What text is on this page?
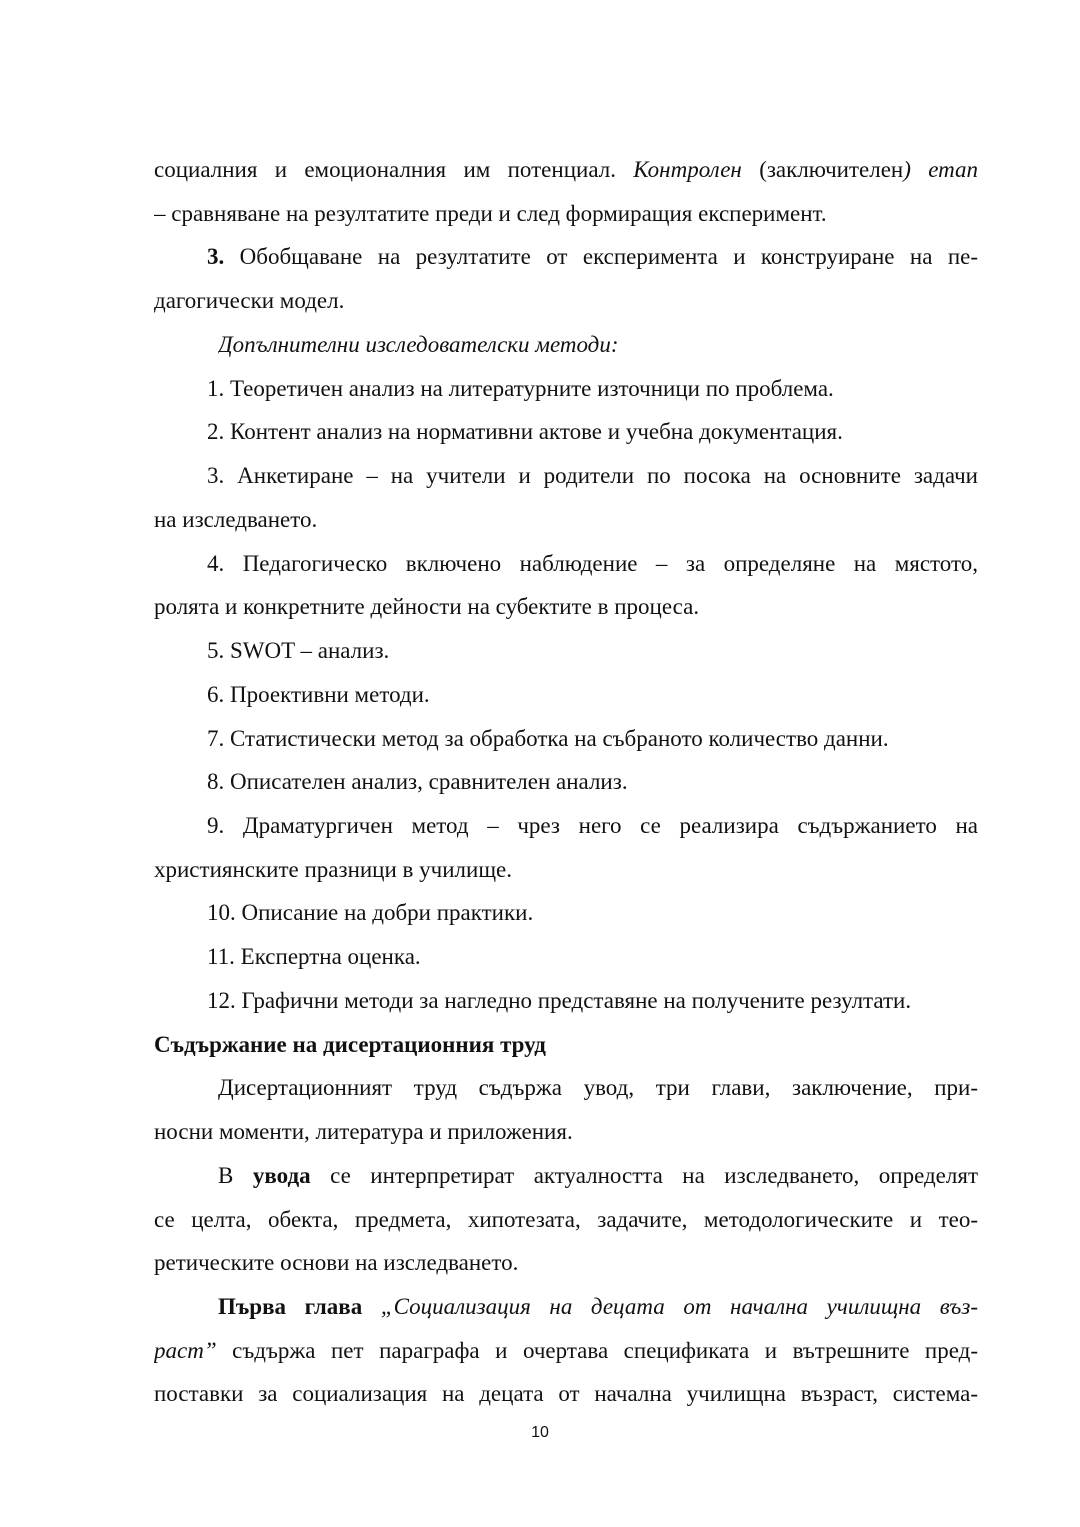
социалния и емоционалния им потенциал. Контролен (заключителен) етап
– сравняване на резултатите преди и след формиращия експеримент.
3. Обобщаване на резултатите от експеримента и конструиране на пе-
дагогически модел.
Допълнителни изследователски методи:
1. Теоретичен анализ на литературните източници по проблема.
2. Контент анализ на нормативни актове и учебна документация.
3. Анкетиране – на учители и родители по посока на основните задачи
на изследването.
4. Педагогическо включено наблюдение – за определяне на мястото,
ролята и конкретните дейности на субектите в процеса.
5. SWOT – анализ.
6. Проективни методи.
7. Статистически метод за обработка на събраното количество данни.
8. Описателен анализ, сравнителен анализ.
9. Драматургичен метод – чрез него се реализира съдържанието на
християнските празници в училище.
10. Описание на добри практики.
11. Експертна оценка.
12. Графични методи за нагледно представяне на получените резултати.
Съдържание на дисертационния труд
Дисертационният труд съдържа увод, три глави, заключение, при-
носни моменти, литература и приложения.
В увода се интерпретират актуалността на изследването, определят
се целта, обекта, предмета, хипотезата, задачите, методологическите и тео-
ретическите основи на изследването.
Първа глава „Социализация на децата от начална училищна въз-
раст” съдържа пет параграфа и очертава спецификата и вътрешните пред-
поставки за социализация на децата от начална училищна възраст, система-
10
